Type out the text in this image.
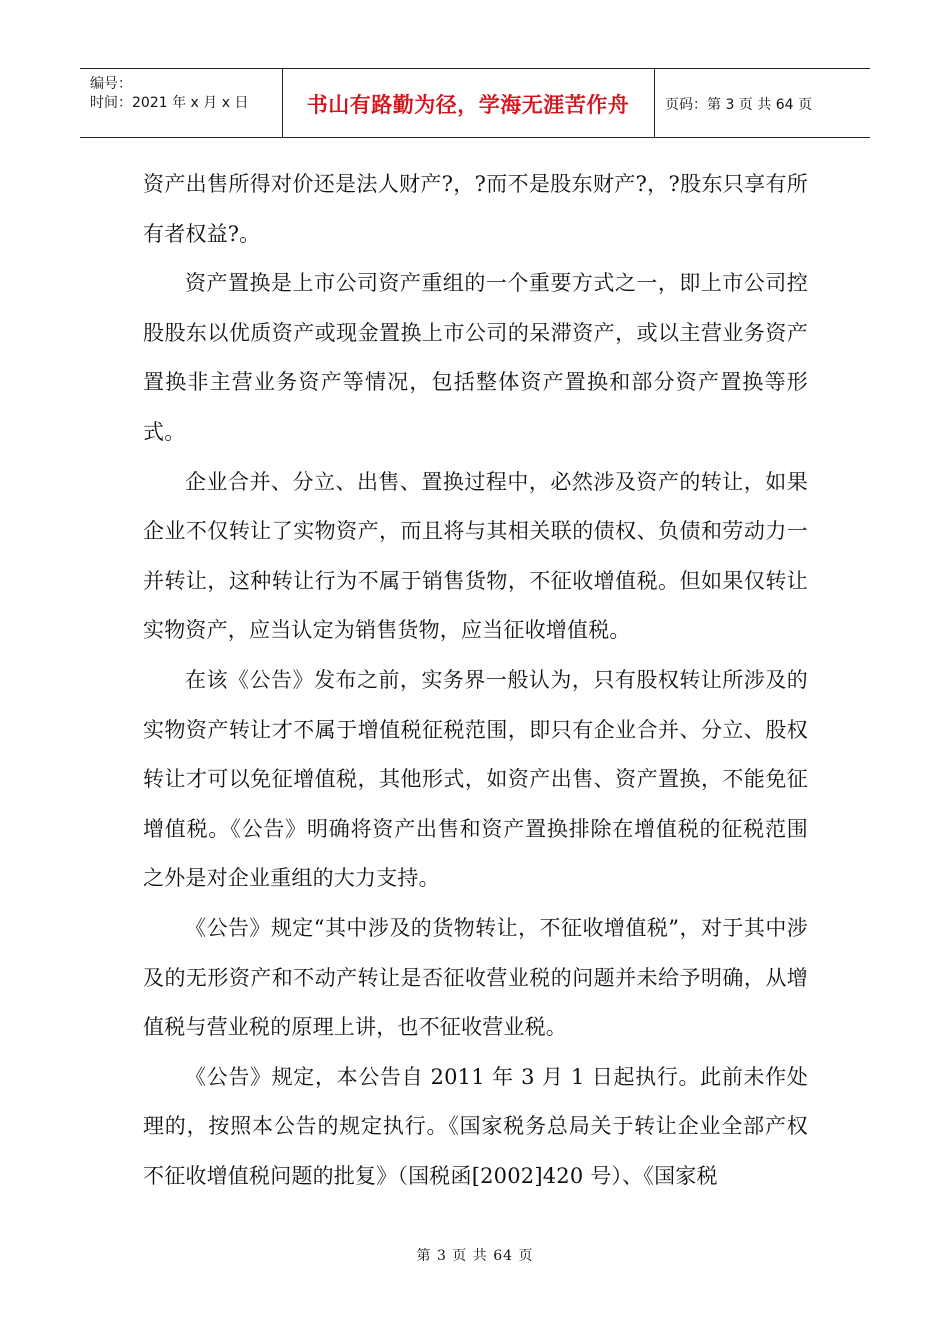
编号：
时间：2021 年 x 月 x 日	书山有路勤为径，学海无涯苦作舟	页码：第 3 页 共 64 页

资产出售所得对价还是法人财产?，?而不是股东财产?，?股东只享有所有者权益?。

资产置换是上市公司资产重组的一个重要方式之一，即上市公司控股股东以优质资产或现金置换上市公司的呆滞资产，或以主营业务资产置换非主营业务资产等情况，包括整体资产置换和部分资产置换等形式。

企业合并、分立、出售、置换过程中，必然涉及资产的转让，如果企业不仅转让了实物资产，而且将与其相关联的债权、负债和劳动力一并转让，这种转让行为不属于销售货物，不征收增值税。但如果仅转让实物资产，应当认定为销售货物，应当征收增值税。

在该《公告》发布之前，实务界一般认为，只有股权转让所涉及的实物资产转让才不属于增值税征税范围，即只有企业合并、分立、股权转让才可以免征增值税，其他形式，如资产出售、资产置换，不能免征增值税。《公告》明确将资产出售和资产置换排除在增值税的征税范围之外是对企业重组的大力支持。

《公告》规定“其中涉及的货物转让，不征收增值税”，对于其中涉及的无形资产和不动产转让是否征收营业税的问题并未给予明确，从增值税与营业税的原理上讲，也不征收营业税。

《公告》规定，本公告自 2011 年 3 月 1 日起执行。此前未作处理的，按照本公告的规定执行。《国家税务总局关于转让企业全部产权不征收增值税问题的批复》（国税函[2002]420 号）、《国家税

第 3 页 共 64 页
